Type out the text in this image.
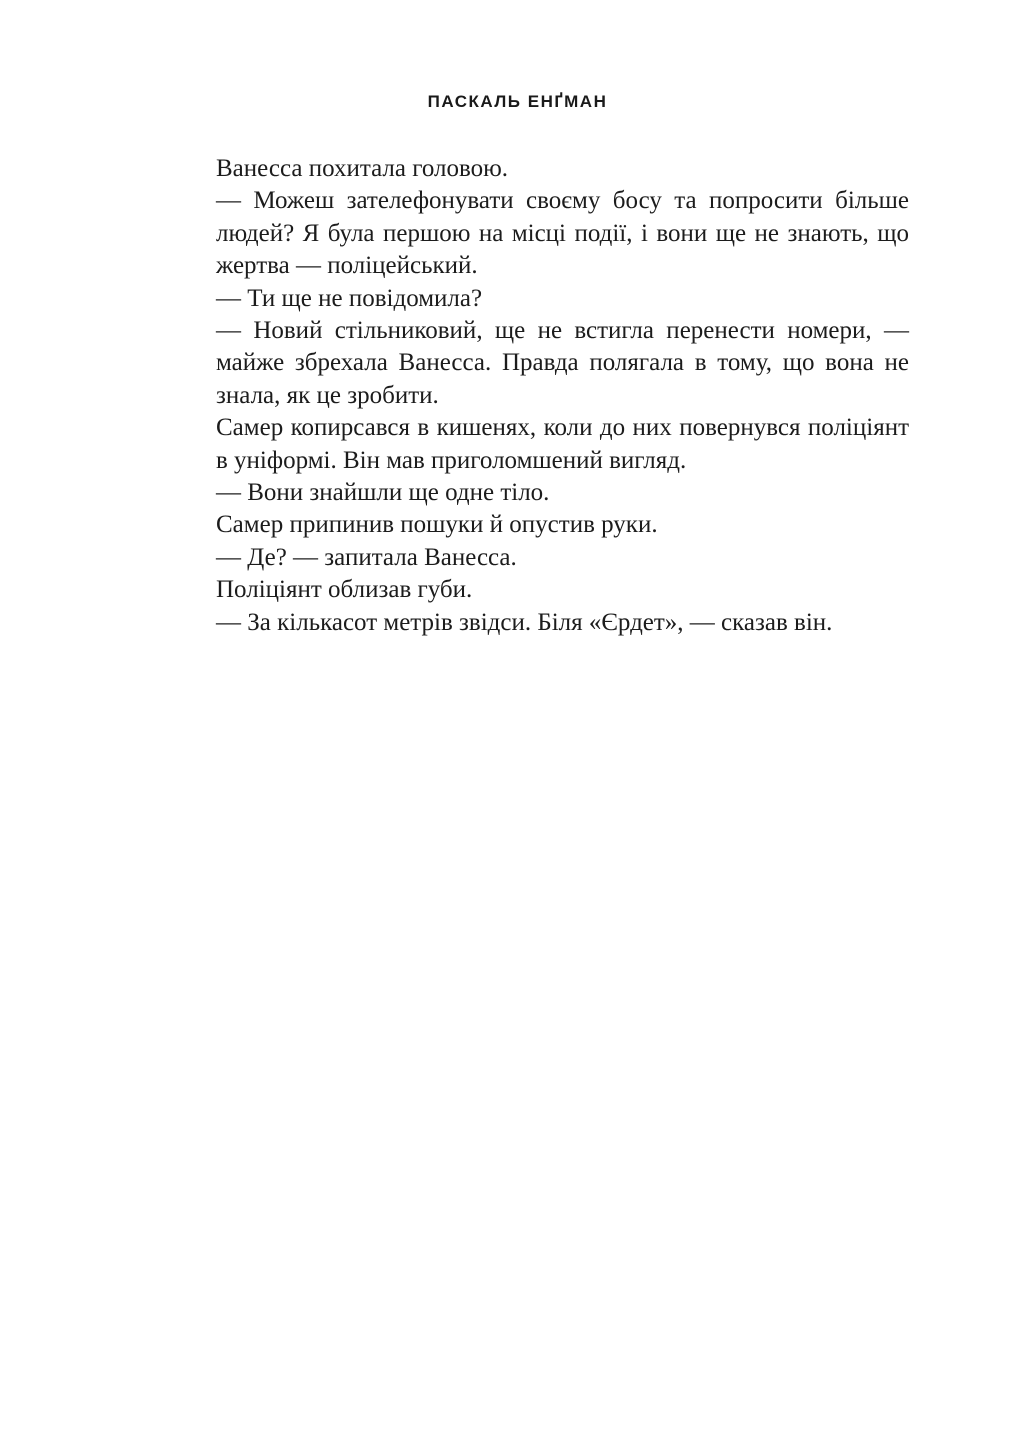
ПАСКАЛЬ ЕНҐМАН

Ванесса похитала головою.

— Можеш зателефонувати своєму босу та попросити більше людей? Я була першою на місці події, і вони ще не знають, що жертва — поліцейський.

— Ти ще не повідомила?

— Новий стільниковий, ще не встигла перенести номери, — майже збрехала Ванесса. Правда полягала в тому, що вона не знала, як це зробити.

Самер копирсався в кишенях, коли до них повернувся поліціянт в уніформі. Він мав приголомшений вигляд.

— Вони знайшли ще одне тіло.

Самер припинив пошуки й опустив руки.

— Де? — запитала Ванесса.

Поліціянт облизав губи.

— За кількасот метрів звідси. Біля «Єрдет», — сказав він.
